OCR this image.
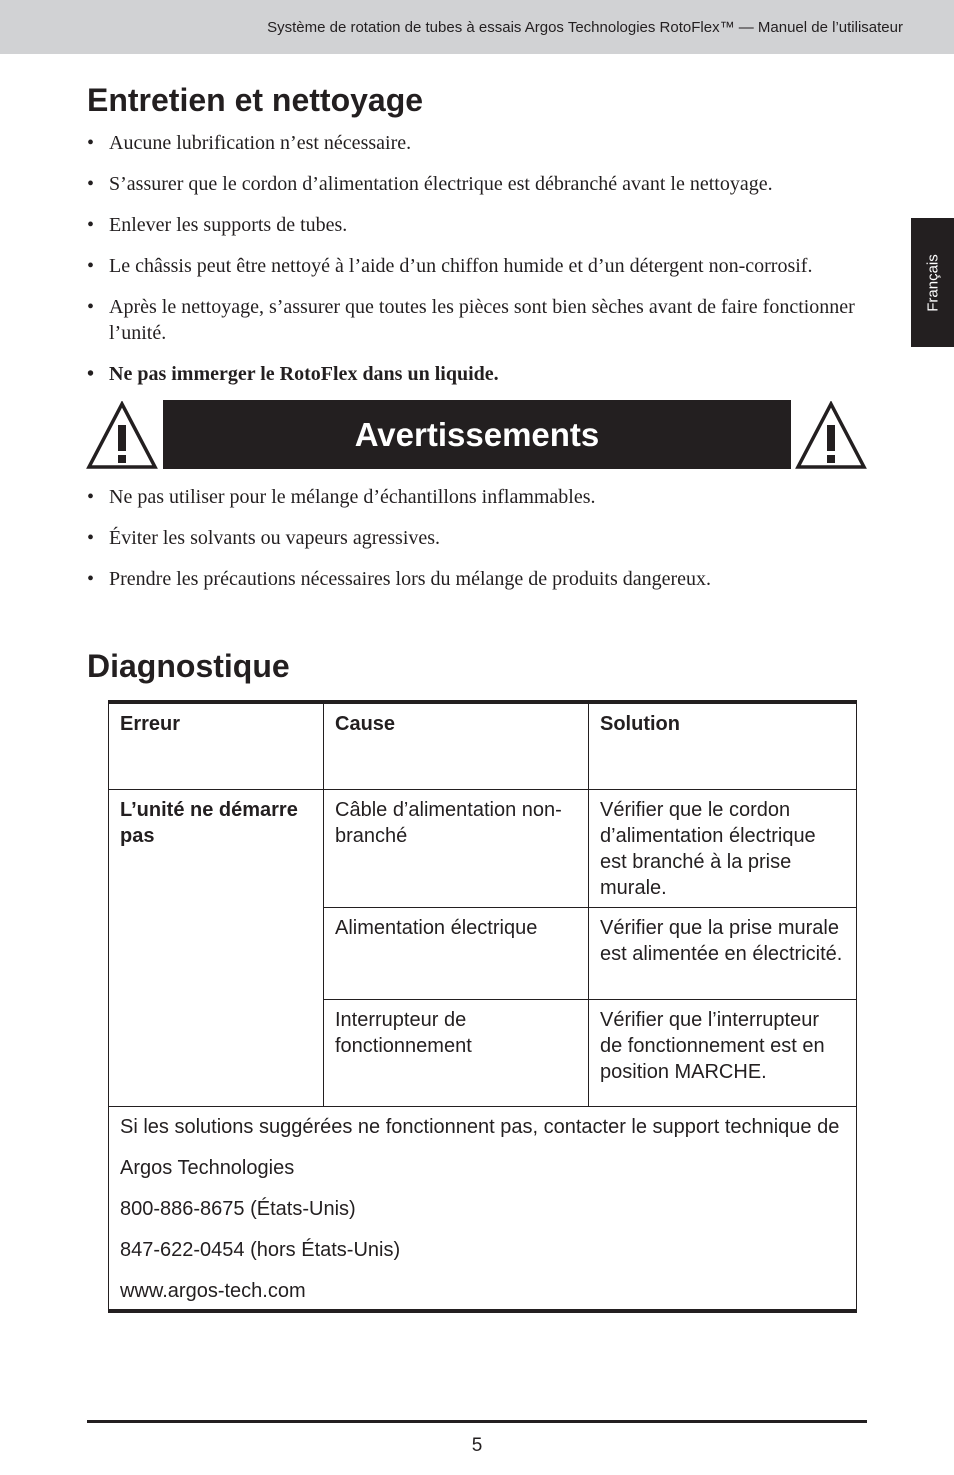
Système de rotation de tubes à essais Argos Technologies RotoFlex™ — Manuel de l’utilisateur
Français
Entretien et nettoyage
• Aucune lubrification n’est nécessaire.
• S’assurer que le cordon d’alimentation électrique est débranché avant le nettoyage.
• Enlever les supports de tubes.
• Le châssis peut être nettoyé à l’aide d’un chiffon humide et d’un détergent non-corrosif.
• Après le nettoyage, s’assurer que toutes les pièces sont bien sèches avant de faire fonctionner l’unité.
• Ne pas immerger le RotoFlex dans un liquide.
Avertissements
• Ne pas utiliser pour le mélange d’échantillons inflammables.
• Éviter les solvants ou vapeurs agressives.
• Prendre les précautions nécessaires lors du mélange de produits dangereux.
Diagnostique
Erreur	Cause	Solution
L’unité ne démarre pas	Câble d’alimentation non-branché	Vérifier que le cordon d’alimentation électrique est branché à la prise murale.
	Alimentation électrique	Vérifier que la prise murale est alimentée en électricité.
	Interrupteur de fonctionnement	Vérifier que l’interrupteur de fonctionnement est en position MARCHE.

Si les solutions suggérées ne fonctionnent pas, contacter le support technique de

Argos Technologies

800-886-8675 (États-Unis)

847-622-0454 (hors États-Unis)

www.argos-tech.com		

5
